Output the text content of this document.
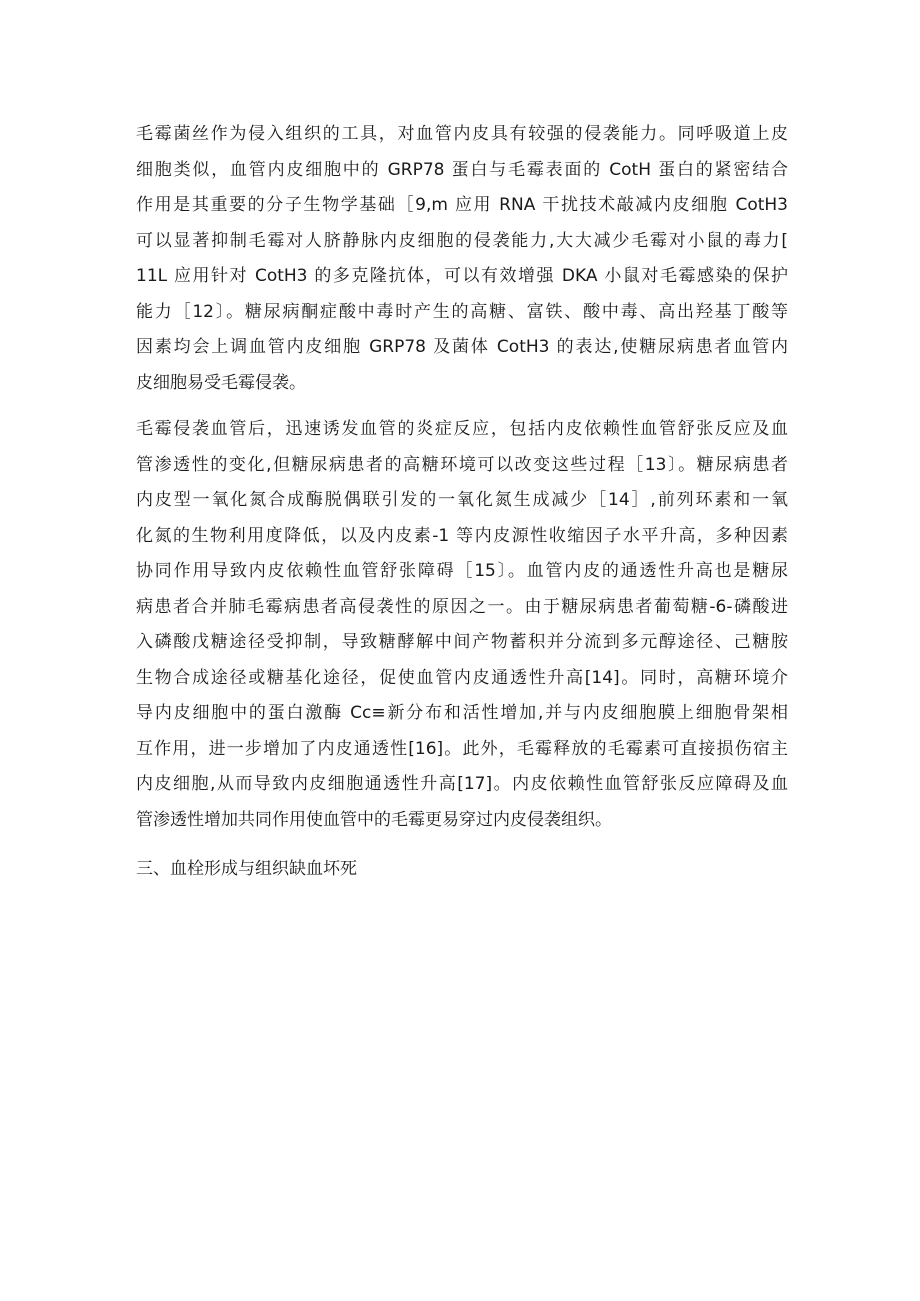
毛霉菌丝作为侵入组织的工具，对血管内皮具有较强的侵袭能力。同呼吸道上皮
细胞类似，血管内皮细胞中的 GRP78 蛋白与毛霉表面的 CotH 蛋白的紧密结合
作用是其重要的分子生物学基础［9,m 应用 RNA 干扰技术敲减内皮细胞 CotH3
可以显著抑制毛霉对人脐静脉内皮细胞的侵袭能力,大大减少毛霉对小鼠的毒力[
11L 应用针对 CotH3 的多克隆抗体，可以有效增强 DKA 小鼠对毛霉感染的保护
能力［12〕。糖尿病酮症酸中毒时产生的高糖、富铁、酸中毒、高出羟基丁酸等
因素均会上调血管内皮细胞 GRP78 及菌体 CotH3 的表达,使糖尿病患者血管内
皮细胞易受毛霉侵袭。
毛霉侵袭血管后，迅速诱发血管的炎症反应，包括内皮依赖性血管舒张反应及血
管渗透性的变化,但糖尿病患者的高糖环境可以改变这些过程［13〕。糖尿病患者
内皮型一氧化氮合成酶脱偶联引发的一氧化氮生成减少［14］,前列环素和一氧
化氮的生物利用度降低，以及内皮素-1 等内皮源性收缩因子水平升高，多种因素
协同作用导致内皮依赖性血管舒张障碍［15〕。血管内皮的通透性升高也是糖尿
病患者合并肺毛霉病患者高侵袭性的原因之一。由于糖尿病患者葡萄糖-6-磷酸进
入磷酸戊糖途径受抑制，导致糖酵解中间产物蓄积并分流到多元醇途径、己糖胺
生物合成途径或糖基化途径，促使血管内皮通透性升高[14]。同时，高糖环境介
导内皮细胞中的蛋白激酶 Cc≡新分布和活性增加,并与内皮细胞膜上细胞骨架相
互作用，进一步增加了内皮通透性[16]。此外，毛霉释放的毛霉素可直接损伤宿主
内皮细胞,从而导致内皮细胞通透性升高[17]。内皮依赖性血管舒张反应障碍及血
管渗透性增加共同作用使血管中的毛霉更易穿过内皮侵袭组织。
三、血栓形成与组织缺血坏死
